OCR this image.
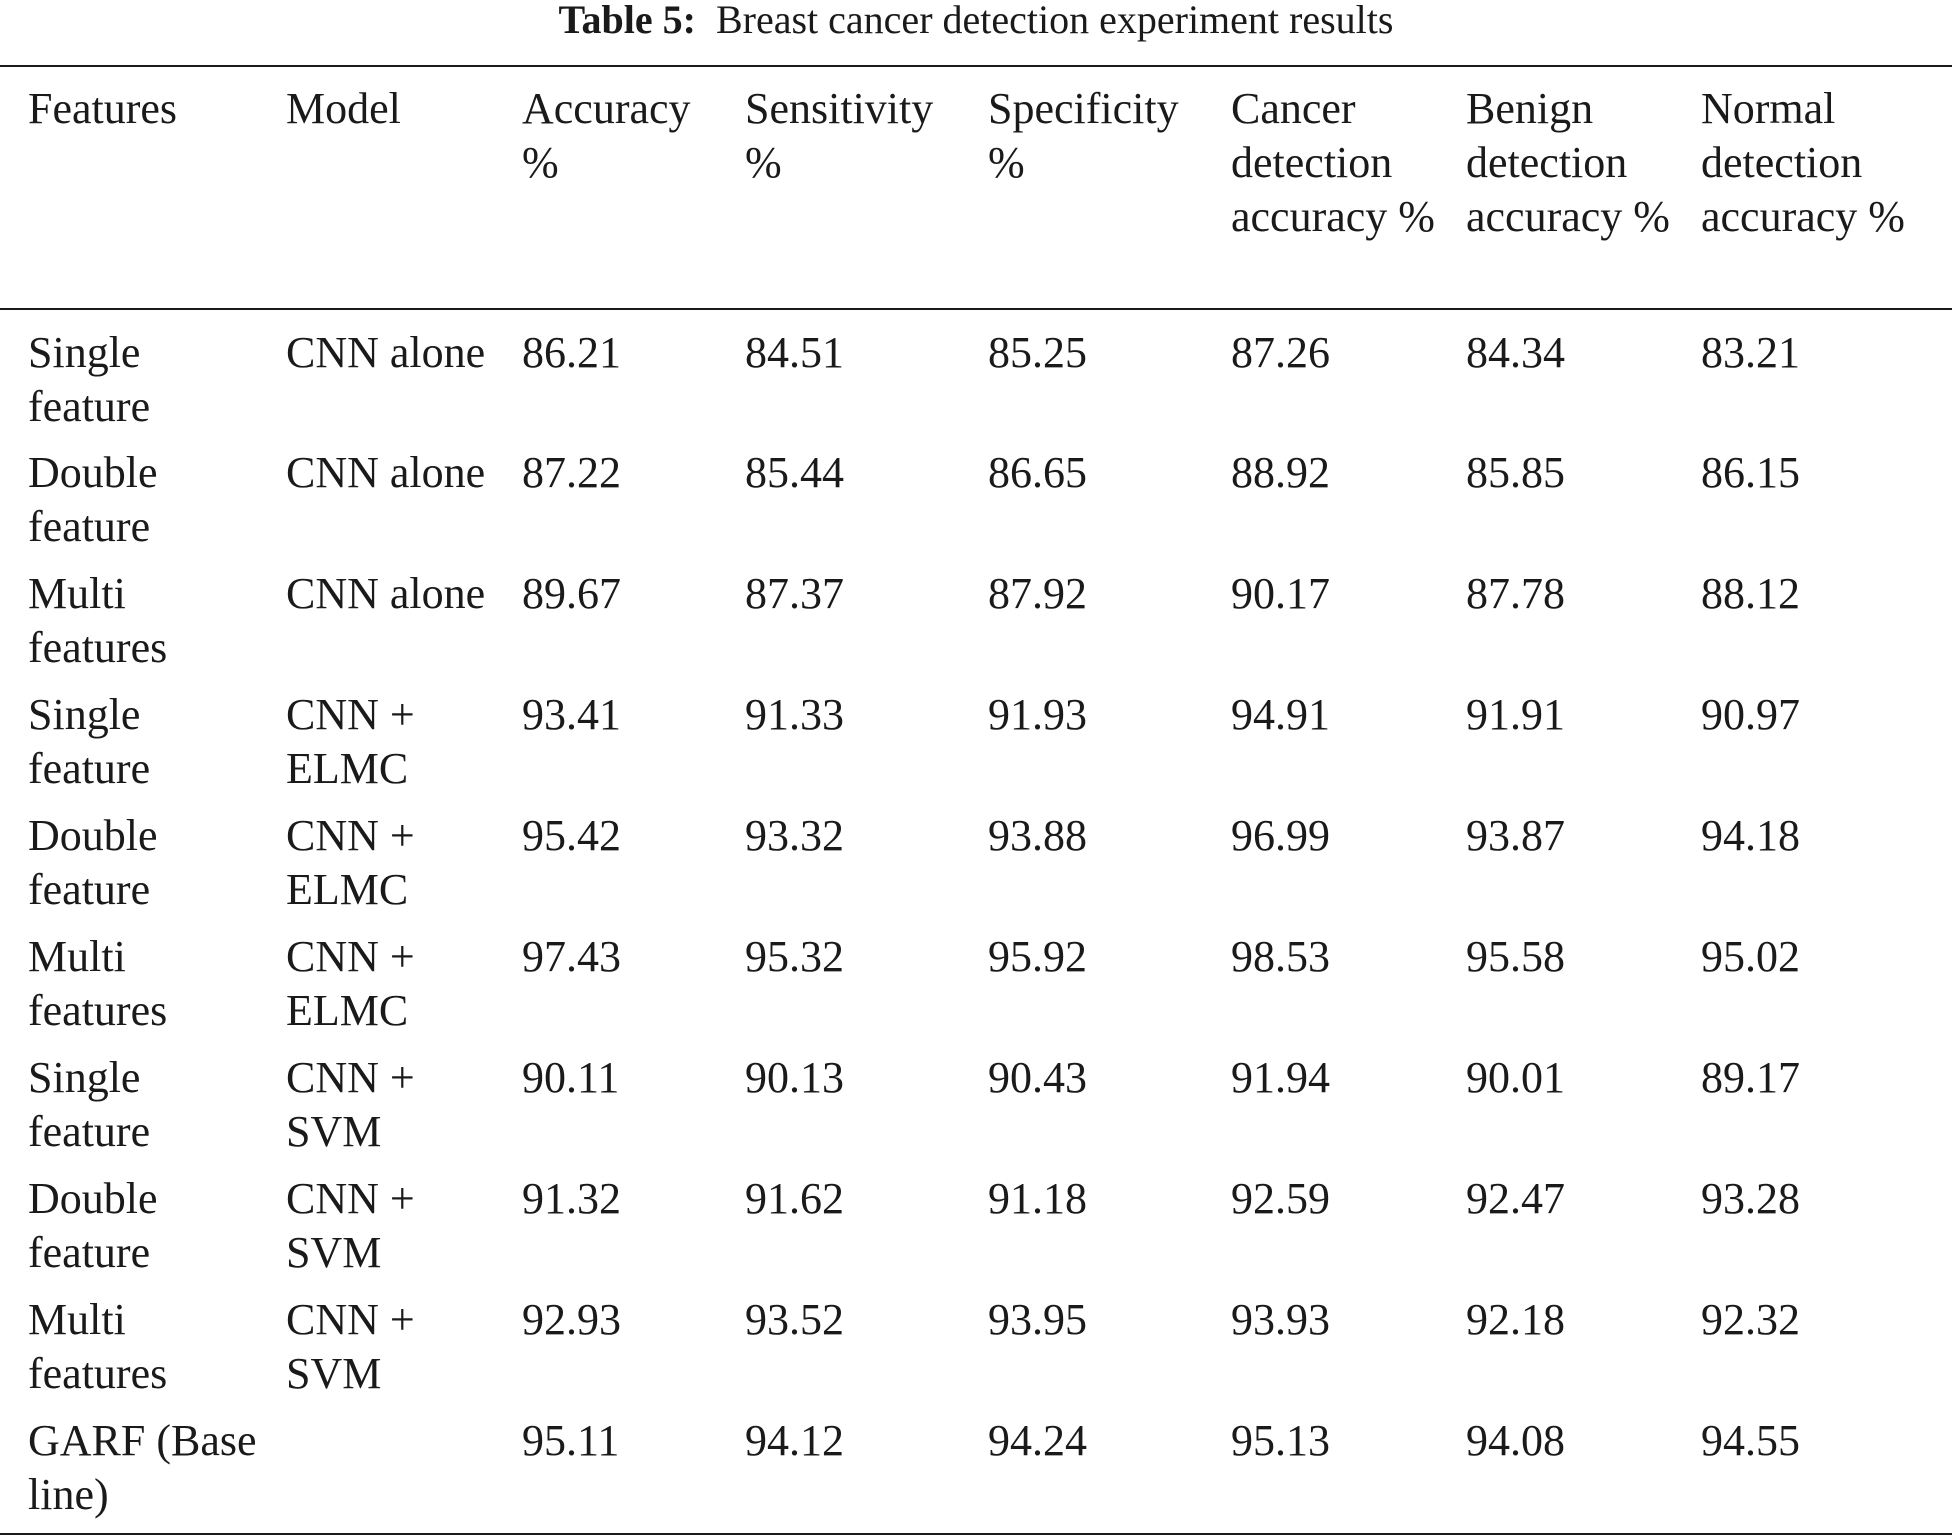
Table 5: Breast cancer detection experiment results
Features	Model	Accuracy %	Sensitivity %	Specificity %	Cancer detection accuracy %	Benign detection accuracy %	Normal detection accuracy %
Single feature	CNN alone	86.21	84.51	85.25	87.26	84.34	83.21
Double feature	CNN alone	87.22	85.44	86.65	88.92	85.85	86.15
Multi features	CNN alone	89.67	87.37	87.92	90.17	87.78	88.12
Single feature	CNN + ELMC	93.41	91.33	91.93	94.91	91.91	90.97
Double feature	CNN + ELMC	95.42	93.32	93.88	96.99	93.87	94.18
Multi features	CNN + ELMC	97.43	95.32	95.92	98.53	95.58	95.02
Single feature	CNN + SVM	90.11	90.13	90.43	91.94	90.01	89.17
Double feature	CNN + SVM	91.32	91.62	91.18	92.59	92.47	93.28
Multi features	CNN + SVM	92.93	93.52	93.95	93.93	92.18	92.32
GARF (Base line)		95.11	94.12	94.24	95.13	94.08	94.55
